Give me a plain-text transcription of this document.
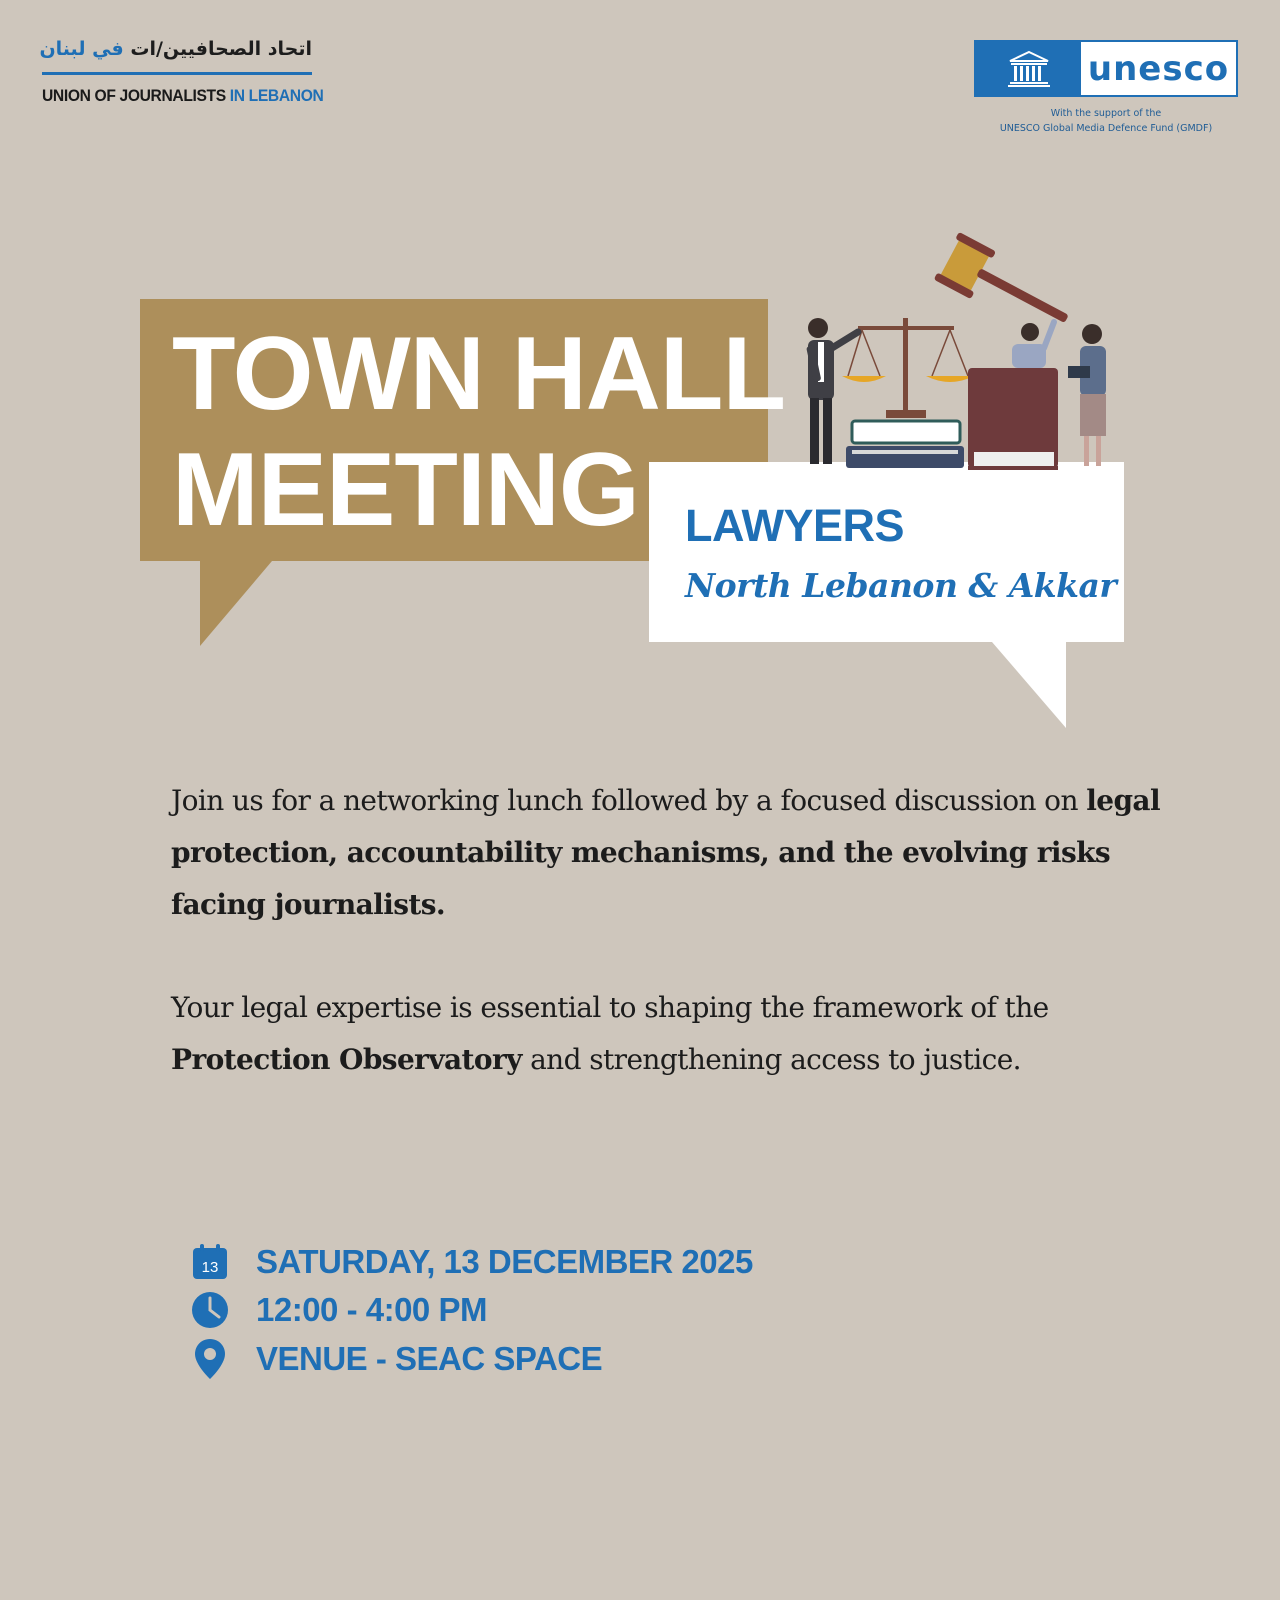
اتحاد الصحافيين/ات في لبنان
UNION OF JOURNALISTS IN LEBANON
unesco
With the support of the
UNESCO Global Media Defence Fund (GMDF)
TOWN HALL
MEETING LAWYERS
North Lebanon & Akkar
Join us for a networking lunch followed by a focused discussion on legal protection, accountability mechanisms, and the evolving risks facing journalists.
Your legal expertise is essential to shaping the framework of the Protection Observatory and strengthening access to justice.
13 SATURDAY, 13 DECEMBER 2025
12:00 - 4:00 PM
VENUE - SEAC SPACE
